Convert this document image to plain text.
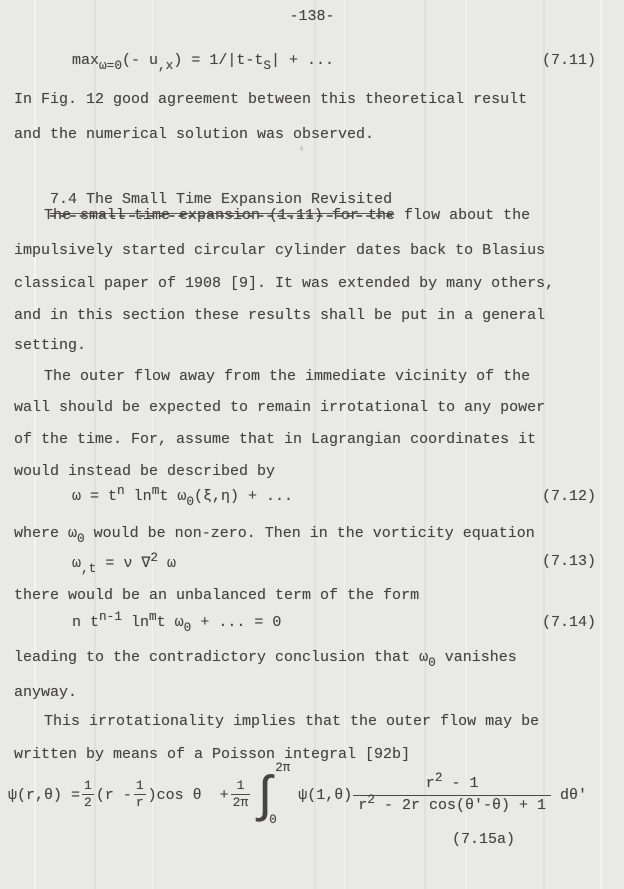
-138-
$\max_{\omega=0}(-$ $u_{,x}) = 1/|t-t_S|$ + ...	(7.11)
In Fig. 12 good agreement between this theoretical result
and the numerical solution was observed.

7.4 The Small Time Expansion Revisited

The small time expansion (1.11) for the flow about the
impulsively started circular cylinder dates back to Blasius
classical paper of 1908 [9]. It was extended by many others,
and in this section these results shall be put in a general
setting.
The outer flow away from the immediate vicinity of the
wall should be expected to remain irrotational to any power
of the time. For, assume that in Lagrangian coordinates it
would instead be described by
$\omega = t^n$ $\ln^mt$ $\omega_0(\xi,\eta)$ + ...	(7.12)
where $\omega_0$ would be non-zero. Then in the vorticity equation
$\omega_{,t} = \nu$ ∇$^2$ ω	(7.13)
there would be an unbalanced term of the form
n $t^{n-1}$ $\ln^mt$ $\omega_0$ + ... = 0	(7.14)
leading to the contradictory conclusion that $\omega_0$ vanishes
anyway.
This irrotationality implies that the outer flow may be
written by means of a Poisson integral [92b]
$\psi(r,\theta) = \frac{1}{2} (r - \frac{1}{r} )\cos$ $\theta + \frac{1}{2\pi}$

∫

2π

0

$\psi(1,\theta) \frac{r^2 - 1}{r^2 - 2r \cos(\theta'-\theta) + 1} d\theta'$
(7.15a)
